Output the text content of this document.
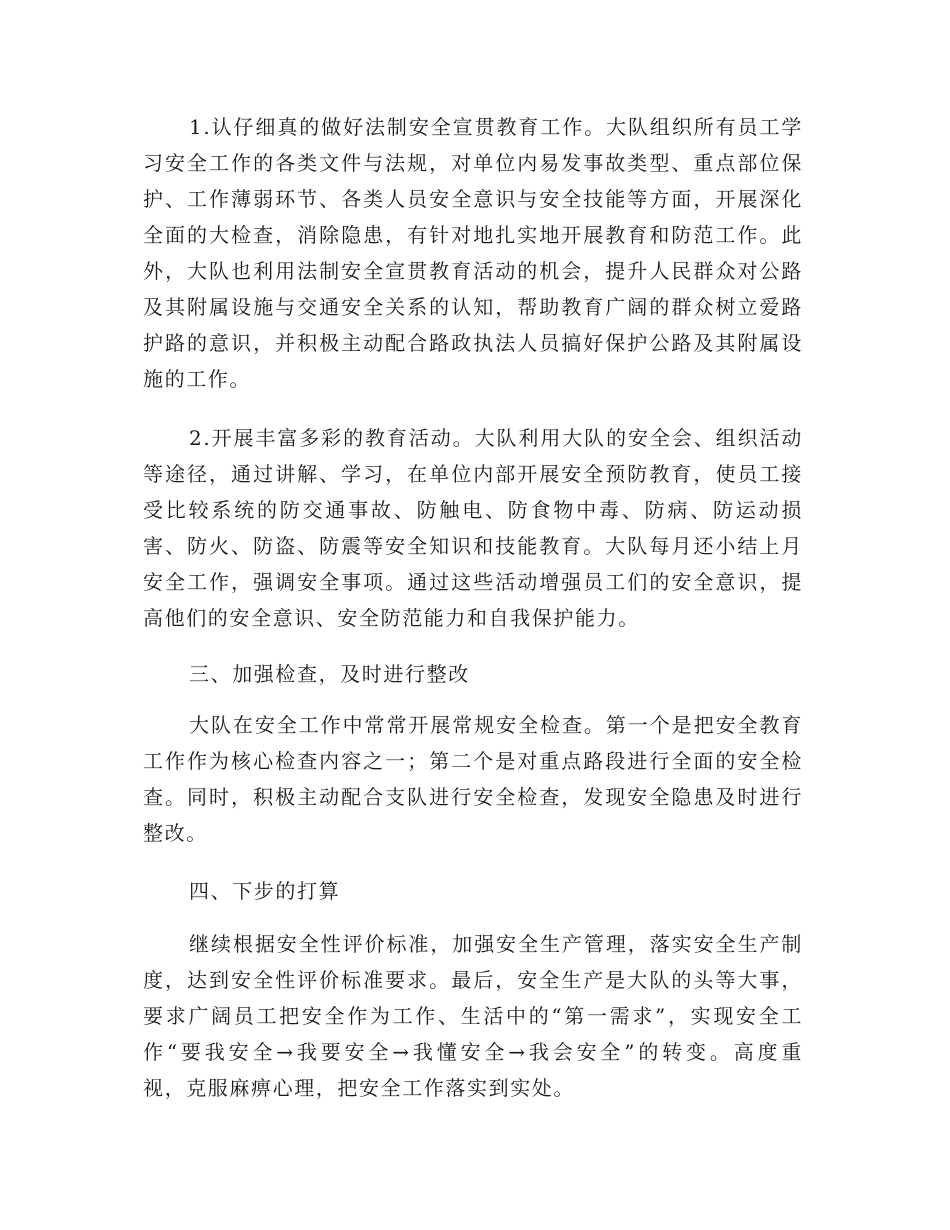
1.认仔细真的做好法制安全宣贯教育工作。大队组织所有员工学
习安全工作的各类文件与法规，对单位内易发事故类型、重点部位保
护、工作薄弱环节、各类人员安全意识与安全技能等方面，开展深化
全面的大检查，消除隐患，有针对地扎实地开展教育和防范工作。此
外，大队也利用法制安全宣贯教育活动的机会，提升人民群众对公路
及其附属设施与交通安全关系的认知，帮助教育广阔的群众树立爱路
护路的意识，并积极主动配合路政执法人员搞好保护公路及其附属设
施的工作。
2.开展丰富多彩的教育活动。大队利用大队的安全会、组织活动
等途径，通过讲解、学习，在单位内部开展安全预防教育，使员工接
受比较系统的防交通事故、防触电、防食物中毒、防病、防运动损
害、防火、防盗、防震等安全知识和技能教育。大队每月还小结上月
安全工作，强调安全事项。通过这些活动增强员工们的安全意识，提
高他们的安全意识、安全防范能力和自我保护能力。
三、加强检查，及时进行整改
大队在安全工作中常常开展常规安全检查。第一个是把安全教育
工作作为核心检查内容之一；第二个是对重点路段进行全面的安全检
查。同时，积极主动配合支队进行安全检查，发现安全隐患及时进行
整改。
四、下步的打算
继续根据安全性评价标准，加强安全生产管理，落实安全生产制
度，达到安全性评价标准要求。最后，安全生产是大队的头等大事，
要求广阔员工把安全作为工作、生活中的“第一需求”，实现安全工
作“要我安全→我要安全→我懂安全→我会安全”的转变。高度重
视，克服麻痹心理，把安全工作落实到实处。
